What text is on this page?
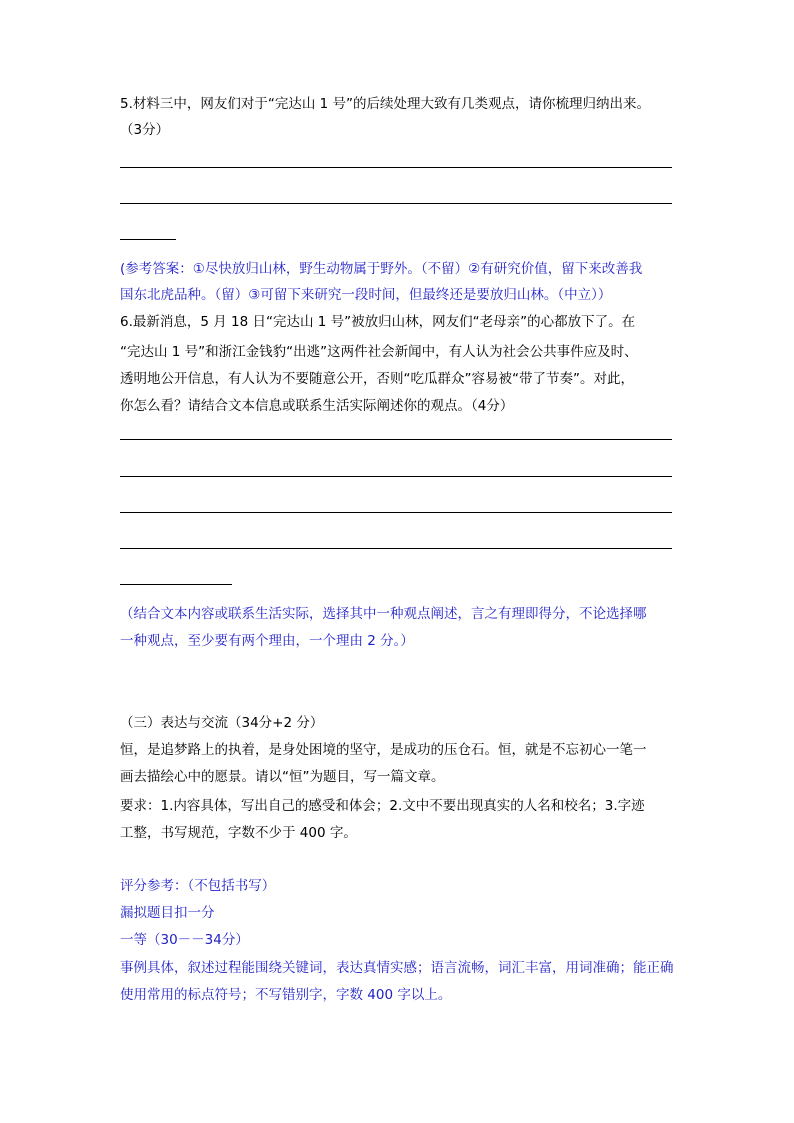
5.材料三中，网友们对于“完达山 1 号”的后续处理大致有几类观点，请你梳理归纳出来。
（3分）
(参考答案：①尽快放归山林，野生动物属于野外。（不留）②有研究价值，留下来改善我
国东北虎品种。（留）③可留下来研究一段时间，但最终还是要放归山林。（中立））
6.最新消息，5 月 18 日“完达山 1 号”被放归山林，网友们“老母亲”的心都放下了。在
“完达山 1 号”和浙江金钱豹“出逃”这两件社会新闻中，有人认为社会公共事件应及时、
透明地公开信息，有人认为不要随意公开，否则“吃瓜群众”容易被“带了节奏”。对此，
你怎么看？请结合文本信息或联系生活实际阐述你的观点。（4分）
（结合文本内容或联系生活实际，选择其中一种观点阐述，言之有理即得分，不论选择哪
一种观点，至少要有两个理由，一个理由 2 分。）
（三）表达与交流（34分+2 分）
恒，是追梦路上的执着，是身处困境的坚守，是成功的压仓石。恒，就是不忘初心一笔一
画去描绘心中的愿景。请以“恒”为题目，写一篇文章。
要求：1.内容具体，写出自己的感受和体会；2.文中不要出现真实的人名和校名；3.字迹
工整，书写规范，字数不少于 400 字。
评分参考：（不包括书写）
漏拟题目扣一分
一等（30－－34分）
事例具体，叙述过程能围绕关键词，表达真情实感；语言流畅，词汇丰富，用词准确；能正确
使用常用的标点符号；不写错别字，字数 400 字以上。
